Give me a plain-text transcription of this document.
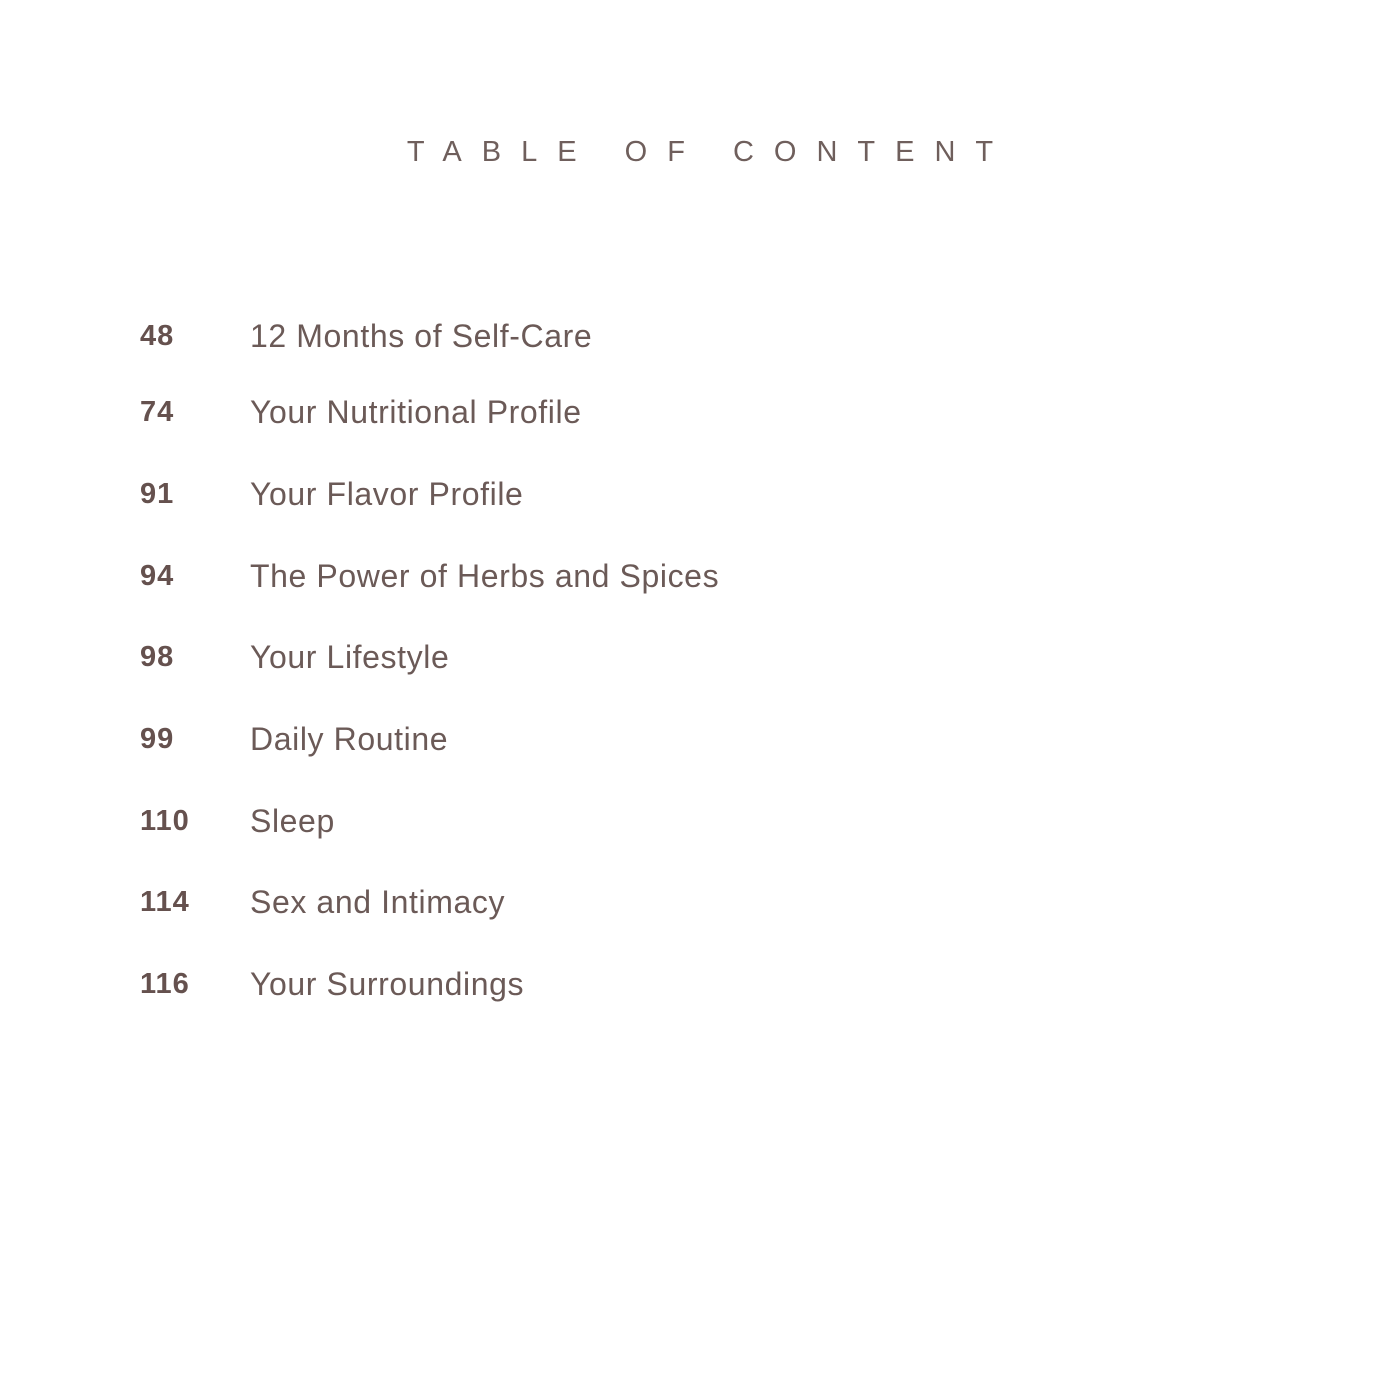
TABLE OF CONTENT
48 12 Months of Self-Care
74 Your Nutritional Profile
91 Your Flavor Profile
94 The Power of Herbs and Spices
98 Your Lifestyle
99 Daily Routine
110 Sleep
114 Sex and Intimacy
116 Your Surroundings
